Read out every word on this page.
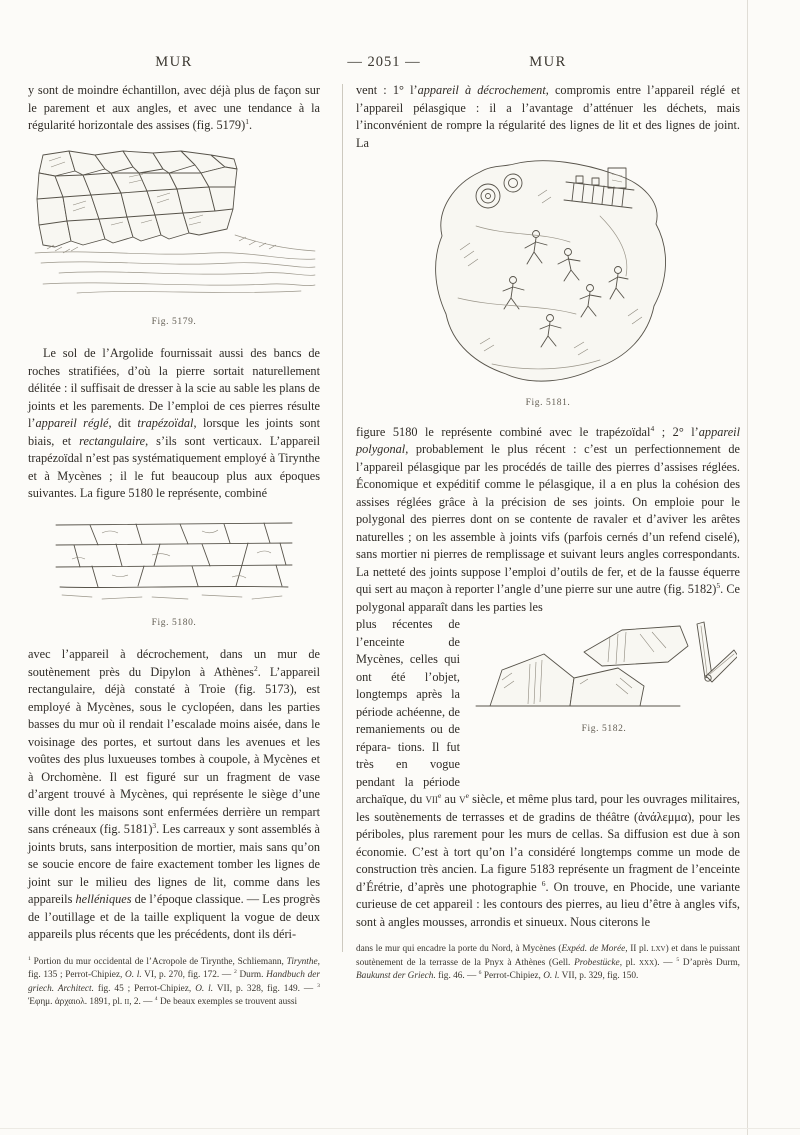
MUR	— 2051 —	MUR

y sont de moindre échantillon, avec déjà plus de façon sur le parement et aux angles, et avec une tendance à la régularité horizontale des assises (fig. 5179)$^1$.

Fig. 5179.

Le sol de l’Argolide fournissait aussi des bancs de roches stratifiées, d’où la pierre sortait naturellement délitée : il suffisait de dresser à la scie au sable les plans de joints et les parements. De l’emploi de ces pierres résulte l’appareil réglé, dit trapézoïdal, lorsque les joints sont biais, et rectangulaire, s’ils sont verticaux. L’appareil trapézoïdal n’est pas systématiquement employé à Tirynthe et à Mycènes ; il le fut beaucoup plus aux époques suivantes. La figure 5180 le représente, combiné

Fig. 5180.

avec l’appareil à décrochement, dans un mur de soutènement près du Dipylon à Athènes$^2$. L’appareil rectangulaire, déjà constaté à Troie (fig. 5173), est employé à Mycènes, sous le cyclopéen, dans les parties basses du mur où il rendait l’escalade moins aisée, dans le voisinage des portes, et surtout dans les avenues et les voûtes des plus luxueuses tombes à coupole, à Mycènes et à Orchomène. Il est figuré sur un fragment de vase d’argent trouvé à Mycènes, qui représente le siège d’une ville dont les maisons sont enfermées derrière un rempart sans créneaux (fig. 5181)$^3$. Les carreaux y sont assemblés à joints bruts, sans interposition de mortier, mais sans qu’on se soucie encore de faire exactement tomber les lignes de joint sur le milieu des lignes de lit, comme dans les appareils helléniques de l’époque classique. — Les progrès de l’outillage et de la taille expliquent la vogue de deux appareils plus récents que les précédents, dont ils déri-

$^1$ Portion du mur occidental de l’Acropole de Tirynthe, Schliemann, Tirynthe, fig. 135 ; Perrot-Chipiez, O. l. VI, p. 270, fig. 172. — $^2$ Durm. Handbuch der griech. Architect. fig. 45 ; Perrot-Chipiez, O. l. VII, p. 328, fig. 149. — $^3$ Ἐφημ. ἀρχαιολ. 1891, pl. ii, 2. — $^4$ De beaux exemples se trouvent aussi

vent : 1° l’appareil à décrochement, compromis entre l’appareil réglé et l’appareil pélasgique : il a l’avantage d’atténuer les déchets, mais l’inconvénient de rompre la régularité des lignes de lit et des lignes de joint. La

Fig. 5181.

figure 5180 le représente combiné avec le trapézoïdal$^4$ ; 2° l’appareil polygonal, probablement le plus récent : c’est un perfectionnement de l’appareil pélasgique par les procédés de taille des pierres d’assises réglées. Économique et expéditif comme le pélasgique, il a en plus la cohésion des assises réglées grâce à la précision de ses joints. On emploie pour le polygonal des pierres dont on se contente de ravaler et d’aviver les arêtes naturelles ; on les assemble à joints vifs (parfois cernés d’un refend ciselé), sans mortier ni pierres de remplissage et suivant leurs angles correspondants. La netteté des joints suppose l’emploi d’outils de fer, et de la fausse équerre qui sert au maçon à reporter l’angle d’une pierre sur une autre (fig. 5182)$^5$. Ce polygonal apparaît dans les parties les

Fig. 5182.
plus récentes de l’enceinte de Mycènes, celles qui ont été l’objet, longtemps après la période achéenne, de remaniements ou de répara- tions. Il fut très en vogue pendant la période archaïque, du vii$^e$ au $v^e$ siècle, et même plus tard, pour les ouvrages militaires, les soutènements de terrasses et de gradins de théâtre (ἀνάλεμμα), pour les périboles, plus rarement pour les murs de cellas. Sa diffusion est due à son économie. C’est à tort qu’on l’a considéré longtemps comme un mode de construction très ancien. La figure 5183 représente un fragment de l’enceinte d’Érétrie, d’après une photographie $^6$. On trouve, en Phocide, une variante curieuse de cet appareil : les contours des pierres, au lieu d’être à angles vifs, sont à angles mousses, arrondis et sinueux. Nous citerons le

dans le mur qui encadre la porte du Nord, à Mycènes (Expéd. de Morée, II pl. lxv) et dans le puissant soutènement de la terrasse de la Pnyx à Athènes (Gell. Probestücke, pl. xxx). — $^5$ D’après Durm, Baukunst der Griech. fig. 46. — $^6$ Perrot-Chipiez, O. l. VII, p. 329, fig. 150.
